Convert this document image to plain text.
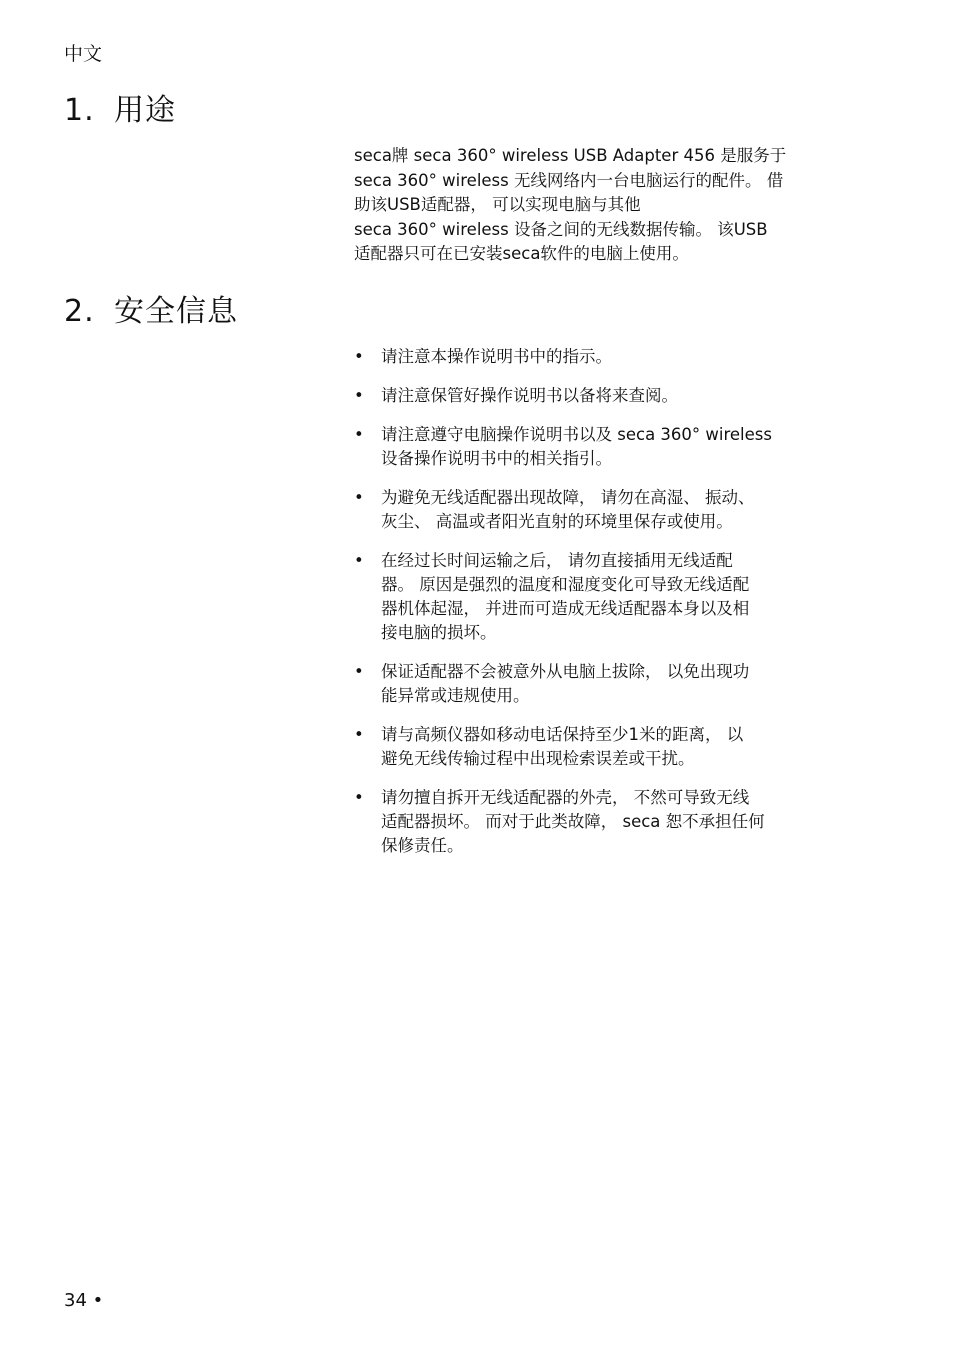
中文
1. 用途
seca牌 seca 360° wireless USB Adapter 456 是服务于
seca 360° wireless 无线网络内一台电脑运行的配件。 借
助该USB适配器， 可以实现电脑与其他
seca 360° wireless 设备之间的无线数据传输。 该USB
适配器只可在已安装seca软件的电脑上使用。
2. 安全信息
• 请注意本操作说明书中的指示。
• 请注意保管好操作说明书以备将来查阅。
• 请注意遵守电脑操作说明书以及 seca 360° wireless
设备操作说明书中的相关指引。
• 为避免无线适配器出现故障， 请勿在高湿、 振动、
灰尘、 高温或者阳光直射的环境里保存或使用。
• 在经过长时间运输之后， 请勿直接插用无线适配
器。 原因是强烈的温度和湿度变化可导致无线适配
器机体起湿， 并进而可造成无线适配器本身以及相
接电脑的损坏。
• 保证适配器不会被意外从电脑上拔除， 以免出现功
能异常或违规使用。
• 请与高频仪器如移动电话保持至少1米的距离， 以
避免无线传输过程中出现检索误差或干扰。
• 请勿擅自拆开无线适配器的外壳， 不然可导致无线
适配器损坏。 而对于此类故障， seca 恕不承担任何
保修责任。
34 •
